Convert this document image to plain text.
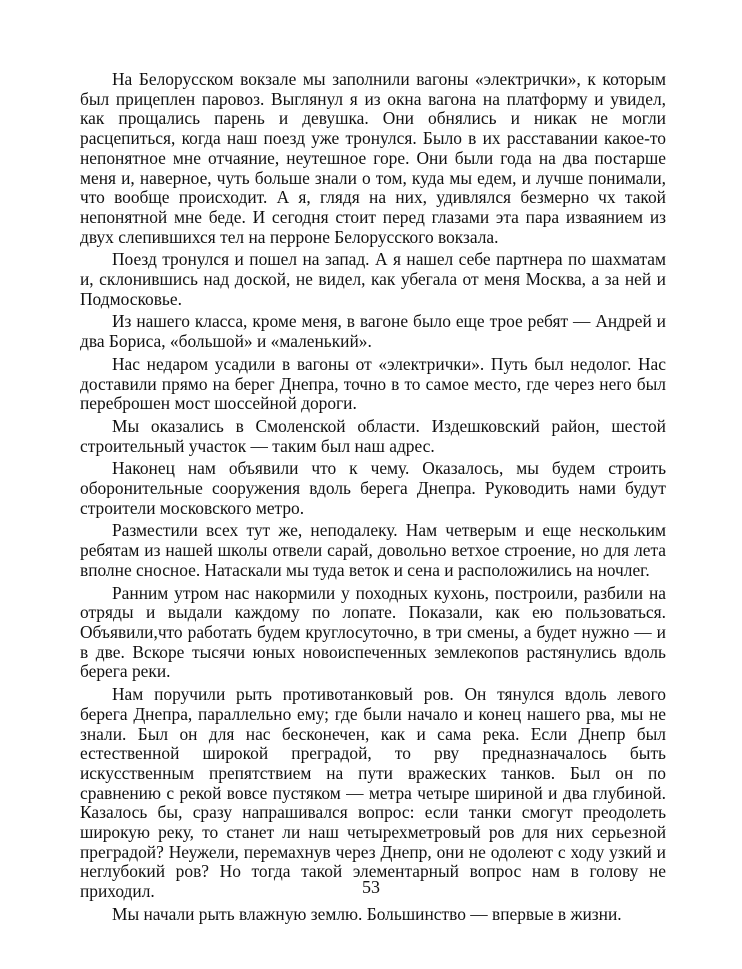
На Белорусском вокзале мы заполнили вагоны «электрички», к которым был прицеплен паровоз. Выглянул я из окна вагона на платформу и увидел, как прощались парень и девушка. Они обнялись и никак не могли расцепиться, когда наш поезд уже тронулся. Было в их расставании какое-то непонятное мне отчаяние, неутешное горе. Они были года на два постарше меня и, наверное, чуть больше знали о том, куда мы едем, и лучше понимали, что вообще происходит. А я, глядя на них, удивлялся безмерно чх такой непонятной мне беде. И сегодня стоит перед глазами эта пара изваянием из двух слепившихся тел на перроне Белорусского вокзала.

Поезд тронулся и пошел на запад. А я нашел себе партнера по шахматам и, склонившись над доской, не видел, как убегала от меня Москва, а за ней и Подмосковье.

Из нашего класса, кроме меня, в вагоне было еще трое ребят — Андрей и два Бориса, «большой» и «маленький».

Нас недаром усадили в вагоны от «электрички». Путь был недолог. Нас доставили прямо на берег Днепра, точно в то самое место, где через него был переброшен мост шоссейной дороги.

Мы оказались в Смоленской области. Издешковский район, шестой строительный участок — таким был наш адрес.

Наконец нам объявили что к чему. Оказалось, мы будем строить оборонительные сооружения вдоль берега Днепра. Руководить нами будут строители московского метро.

Разместили всех тут же, неподалеку. Нам четверым и еще нескольким ребятам из нашей школы отвели сарай, довольно ветхое строение, но для лета вполне сносное. Натаскали мы туда веток и сена и расположились на ночлег.

Ранним утром нас накормили у походных кухонь, построили, разбили на отряды и выдали каждому по лопате. Показали, как ею пользоваться. Объявили,что работать будем круглосуточно, в три смены, а будет нужно — и в две. Вскоре тысячи юных новоиспеченных землекопов растянулись вдоль берега реки.

Нам поручили рыть противотанковый ров. Он тянулся вдоль левого берега Днепра, параллельно ему; где были начало и конец нашего рва, мы не знали. Был он для нас бесконечен, как и сама река. Если Днепр был естественной широкой преградой, то рву предназначалось быть искусственным препятствием на пути вражеских танков. Был он по сравнению с рекой вовсе пустяком — метра четыре шириной и два глубиной. Казалось бы, сразу напрашивался вопрос: если танки смогут преодолеть широкую реку, то станет ли наш четырехметровый ров для них серьезной преградой? Неужели, перемахнув через Днепр, они не одолеют с ходу узкий и неглубокий ров? Но тогда такой элементарный вопрос нам в голову не приходил.

Мы начали рыть влажную землю. Большинство — впервые в жизни.

53
